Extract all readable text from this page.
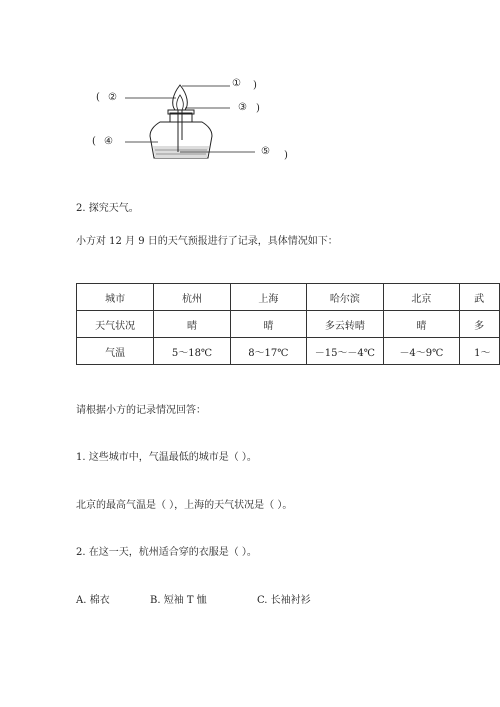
)
①
( ②
③ )
( ④
⑤ )
2. 探究天气。
小方对 12 月 9 日的天气预报进行了记录，具体情况如下：
城市	杭州	上海	哈尔滨	北京	武
天气状况	晴	晴	多云转晴	晴	多
气温	5～18℃	8～17℃	－15～－4℃	－4～9℃	1～
请根据小方的记录情况回答：
1. 这些城市中，气温最低的城市是（ ）。
北京的最高气温是（ ），上海的天气状况是（ ）。
2. 在这一天，杭州适合穿的衣服是（ ）。
A. 棉衣	B. 短袖 T 恤	C. 长袖衬衫
